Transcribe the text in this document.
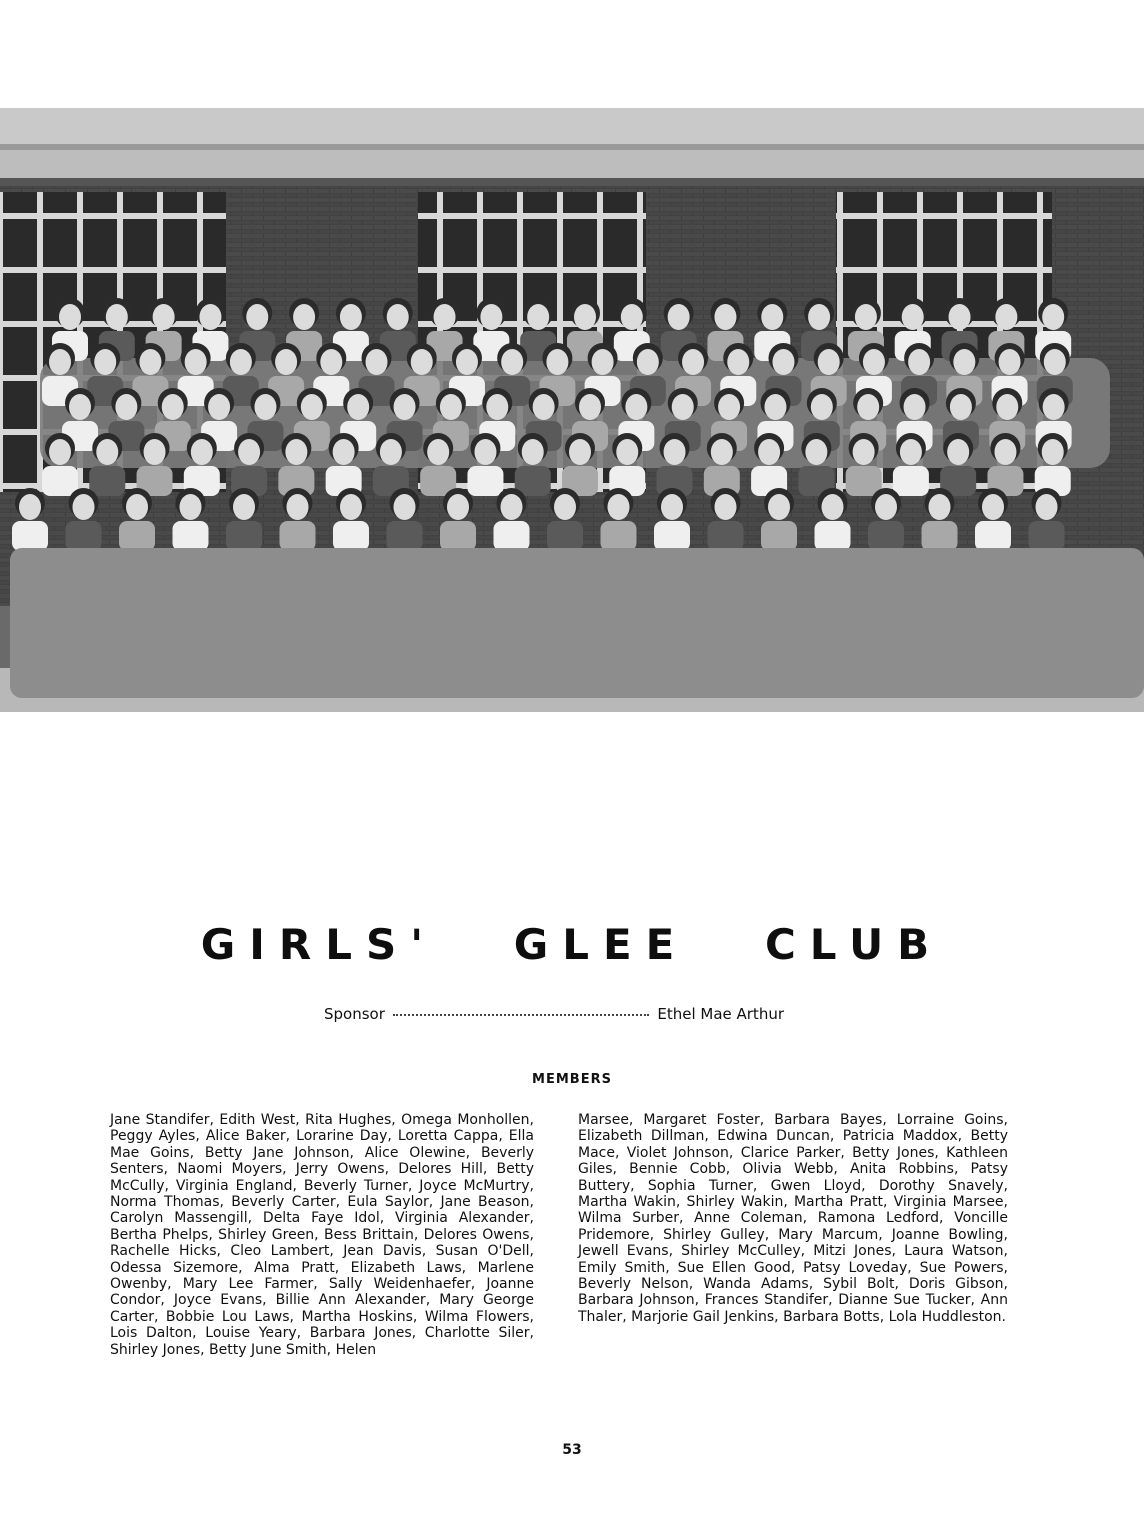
GIRLS' GLEE CLUB
Sponsor	Ethel Mae Arthur
MEMBERS
Jane Standifer, Edith West, Rita Hughes, Omega Monhollen, Peggy Ayles, Alice Baker, Lorarine Day, Loretta Cappa, Ella Mae Goins, Betty Jane Johnson, Alice Olewine, Beverly Senters, Naomi Moyers, Jerry Owens, Delores Hill, Betty McCully, Virginia England, Beverly Turner, Joyce McMurtry, Norma Thomas, Beverly Carter, Eula Saylor, Jane Beason, Carolyn Massengill, Delta Faye Idol, Virginia Alexander, Bertha Phelps, Shirley Green, Bess Brittain, Delores Owens, Rachelle Hicks, Cleo Lambert, Jean Davis, Susan O'Dell, Odessa Sizemore, Alma Pratt, Elizabeth Laws, Marlene Owenby, Mary Lee Farmer, Sally Weidenhaefer, Joanne Condor, Joyce Evans, Billie Ann Alexander, Mary George Carter, Bobbie Lou Laws, Martha Hoskins, Wilma Flowers, Lois Dalton, Louise Yeary, Barbara Jones, Charlotte Siler, Shirley Jones, Betty June Smith, Helen
Marsee, Margaret Foster, Barbara Bayes, Lorraine Goins, Elizabeth Dillman, Edwina Duncan, Patricia Maddox, Betty Mace, Violet Johnson, Clarice Parker, Betty Jones, Kathleen Giles, Bennie Cobb, Olivia Webb, Anita Robbins, Patsy Buttery, Sophia Turner, Gwen Lloyd, Dorothy Snavely, Martha Wakin, Shirley Wakin, Martha Pratt, Virginia Marsee, Wilma Surber, Anne Coleman, Ramona Ledford, Voncille Pridemore, Shirley Gulley, Mary Marcum, Joanne Bowling, Jewell Evans, Shirley McCulley, Mitzi Jones, Laura Watson, Emily Smith, Sue Ellen Good, Patsy Loveday, Sue Powers, Beverly Nelson, Wanda Adams, Sybil Bolt, Doris Gibson, Barbara Johnson, Frances Standifer, Dianne Sue Tucker, Ann Thaler, Marjorie Gail Jenkins, Barbara Botts, Lola Huddleston.
53
